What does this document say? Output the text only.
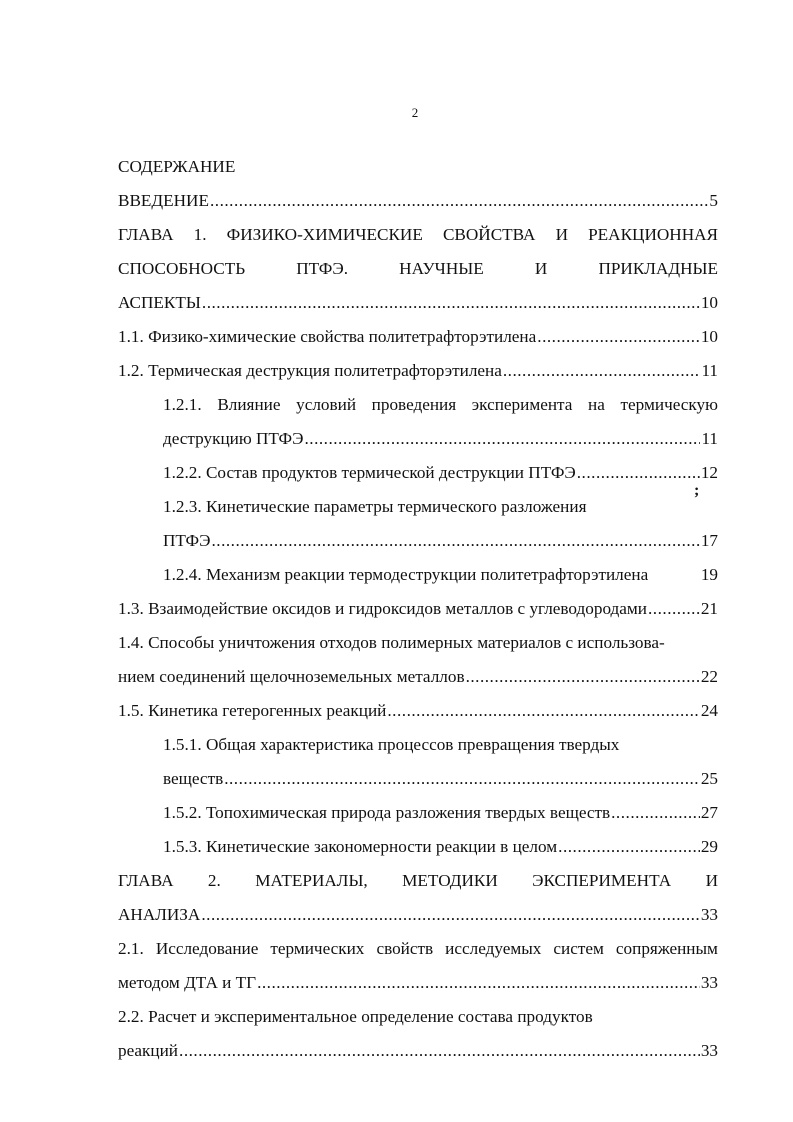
2
СОДЕРЖАНИЕ
ВВЕДЕНИЕ .....	5
ГЛАВА 1. ФИЗИКО-ХИМИЧЕСКИЕ СВОЙСТВА И РЕАКЦИОННАЯ
СПОСОБНОСТЬ	ПТФЭ.	НАУЧНЫЕ	И	ПРИКЛАДНЫЕ
АСПЕКТЫ .....	10
1.1. Физико-химические свойства политетрафторэтилена .....	10
1.2. Термическая деструкция политетрафторэтилена .....	11
1.2.1. Влияние условий проведения эксперимента на термическую
деструкцию ПТФЭ .....	11
1.2.2. Состав продуктов термической деструкции ПТФЭ .....	12
1.2.3. Кинетические параметры термического разложения
ПТФЭ .....	17
1.2.4. Механизм реакции термодеструкции политетрафторэтилена	19
1.3. Взаимодействие оксидов и гидроксидов металлов с углеводородами .....	21
1.4. Способы уничтожения отходов полимерных материалов с использова-
нием соединений щелочноземельных металлов .....	22
1.5. Кинетика гетерогенных реакций .....	24
1.5.1. Общая характеристика процессов превращения твердых
веществ .....	25
1.5.2. Топохимическая природа разложения твердых веществ .....	27
1.5.3. Кинетические закономерности реакции в целом .....	29
ГЛАВА 2. МАТЕРИАЛЫ, МЕТОДИКИ ЭКСПЕРИМЕНТА И
АНАЛИЗА .....	33
2.1. Исследование термических свойств исследуемых систем сопряженным
методом ДТА и ТГ .....	33
2.2. Расчет и экспериментальное определение состава продуктов
реакций .....	33
;
